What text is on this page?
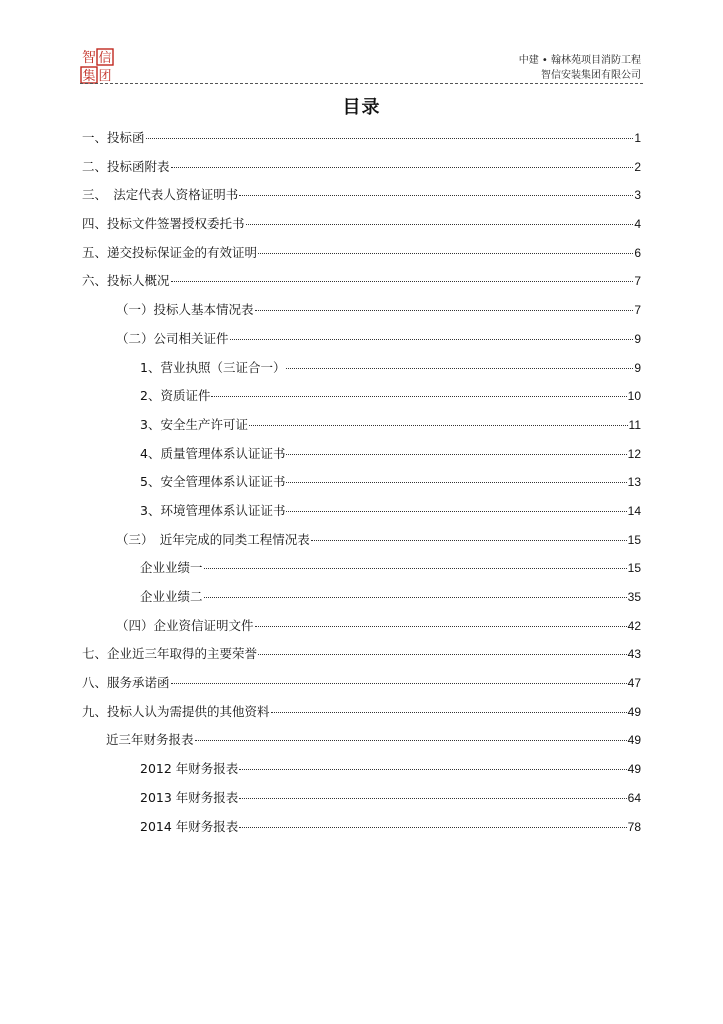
智 信
集 团
中建 • 翰林苑项目消防工程
智信安装集团有限公司
目录
一、投标函	1
二、投标函附表	2
三、　法定代表人资格证明书	3
四、投标文件签署授权委托书	4
五、递交投标保证金的有效证明	6
六、投标人概况	7
（一）投标人基本情况表	7
（二）公司相关证件	9
1、营业执照（三证合一）	9
2、资质证件	10
3、安全生产许可证	11
4、质量管理体系认证证书	12
5、安全管理体系认证证书	13
3、环境管理体系认证证书	14
（三）　近年完成的同类工程情况表	15
企业业绩一	15
企业业绩二	35
（四）企业资信证明文件	42
七、企业近三年取得的主要荣誉	43
八、服务承诺函	47
九、投标人认为需提供的其他资料	49
近三年财务报表	49
2012 年财务报表	49
2013 年财务报表	64
2014 年财务报表	78
